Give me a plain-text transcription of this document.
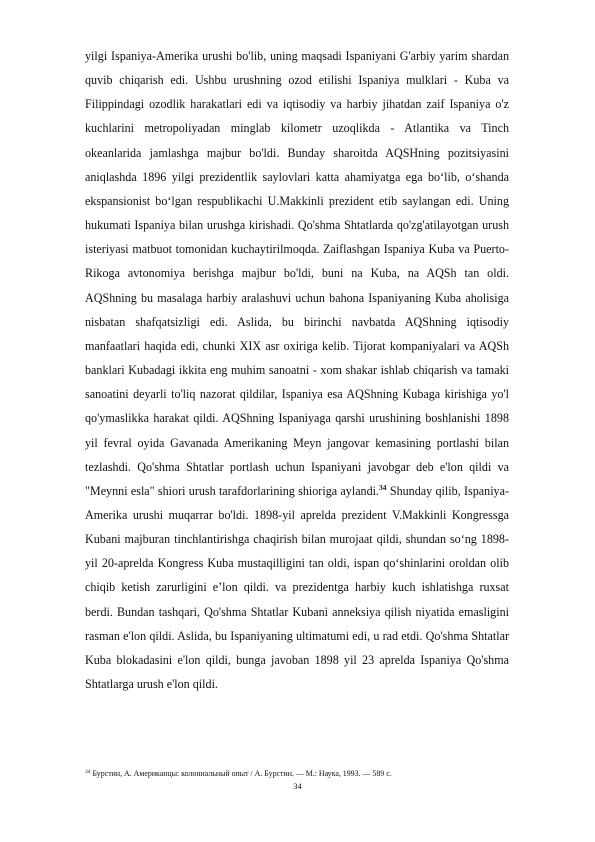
yilgi Ispaniya-Amerika urushi bo'lib, uning maqsadi Ispaniyani G'arbiy yarim shardan quvib chiqarish edi. Ushbu urushning ozod etilishi Ispaniya mulklari - Kuba va Filippindagi ozodlik harakatlari edi va iqtisodiy va harbiy jihatdan zaif Ispaniya o'z kuchlarini metropoliyadan minglab kilometr uzoqlikda - Atlantika va Tinch okeanlarida jamlashga majbur bo'ldi. Bunday sharoitda AQSHning pozitsiyasini aniqlashda 1896 yilgi prezidentlik saylovlari katta ahamiyatga ega bo‘lib, o‘shanda ekspansionist bo‘lgan respublikachi U.Makkinli prezident etib saylangan edi. Uning hukumati Ispaniya bilan urushga kirishadi. Qo'shma Shtatlarda qo'zg'atilayotgan urush isteriyasi matbuot tomonidan kuchaytirilmoqda. Zaiflashgan Ispaniya Kuba va Puerto-Rikoga avtonomiya berishga majbur bo'ldi, buni na Kuba, na AQSh tan oldi. AQShning bu masalaga harbiy aralashuvi uchun bahona Ispaniyaning Kuba aholisiga nisbatan shafqatsizligi edi. Aslida, bu birinchi navbatda AQShning iqtisodiy manfaatlari haqida edi, chunki XIX asr oxiriga kelib. Tijorat kompaniyalari va AQSh banklari Kubadagi ikkita eng muhim sanoatni - xom shakar ishlab chiqarish va tamaki sanoatini deyarli to'liq nazorat qildilar, Ispaniya esa AQShning Kubaga kirishiga yo'l qo'ymaslikka harakat qildi. AQShning Ispaniyaga qarshi urushining boshlanishi 1898 yil fevral oyida Gavanada Amerikaning Meyn jangovar kemasining portlashi bilan tezlashdi. Qo'shma Shtatlar portlash uchun Ispaniyani javobgar deb e'lon qildi va "Meynni esla" shiori urush tarafdorlarining shioriga aylandi.$^{34}$ Shunday qilib, Ispaniya-Amerika urushi muqarrar bo'ldi. 1898-yil aprelda prezident V.Makkinli Kongressga Kubani majburan tinchlantirishga chaqirish bilan murojaat qildi, shundan so‘ng 1898-yil 20-aprelda Kongress Kuba mustaqilligini tan oldi, ispan qo‘shinlarini oroldan olib chiqib ketish zarurligini e’lon qildi. va prezidentga harbiy kuch ishlatishga ruxsat berdi. Bundan tashqari, Qo'shma Shtatlar Kubani anneksiya qilish niyatida emasligini rasman e'lon qildi. Aslida, bu Ispaniyaning ultimatumi edi, u rad etdi. Qo'shma Shtatlar Kuba blokadasini e'lon qildi, bunga javoban 1898 yil 23 aprelda Ispaniya Qo'shma Shtatlarga urush e'lon qildi.

$^{34}$ Бурстин, А. Американцы: колониальный опыт / А. Бурстин. — М.: Наука, 1993. — 589 с.

34
